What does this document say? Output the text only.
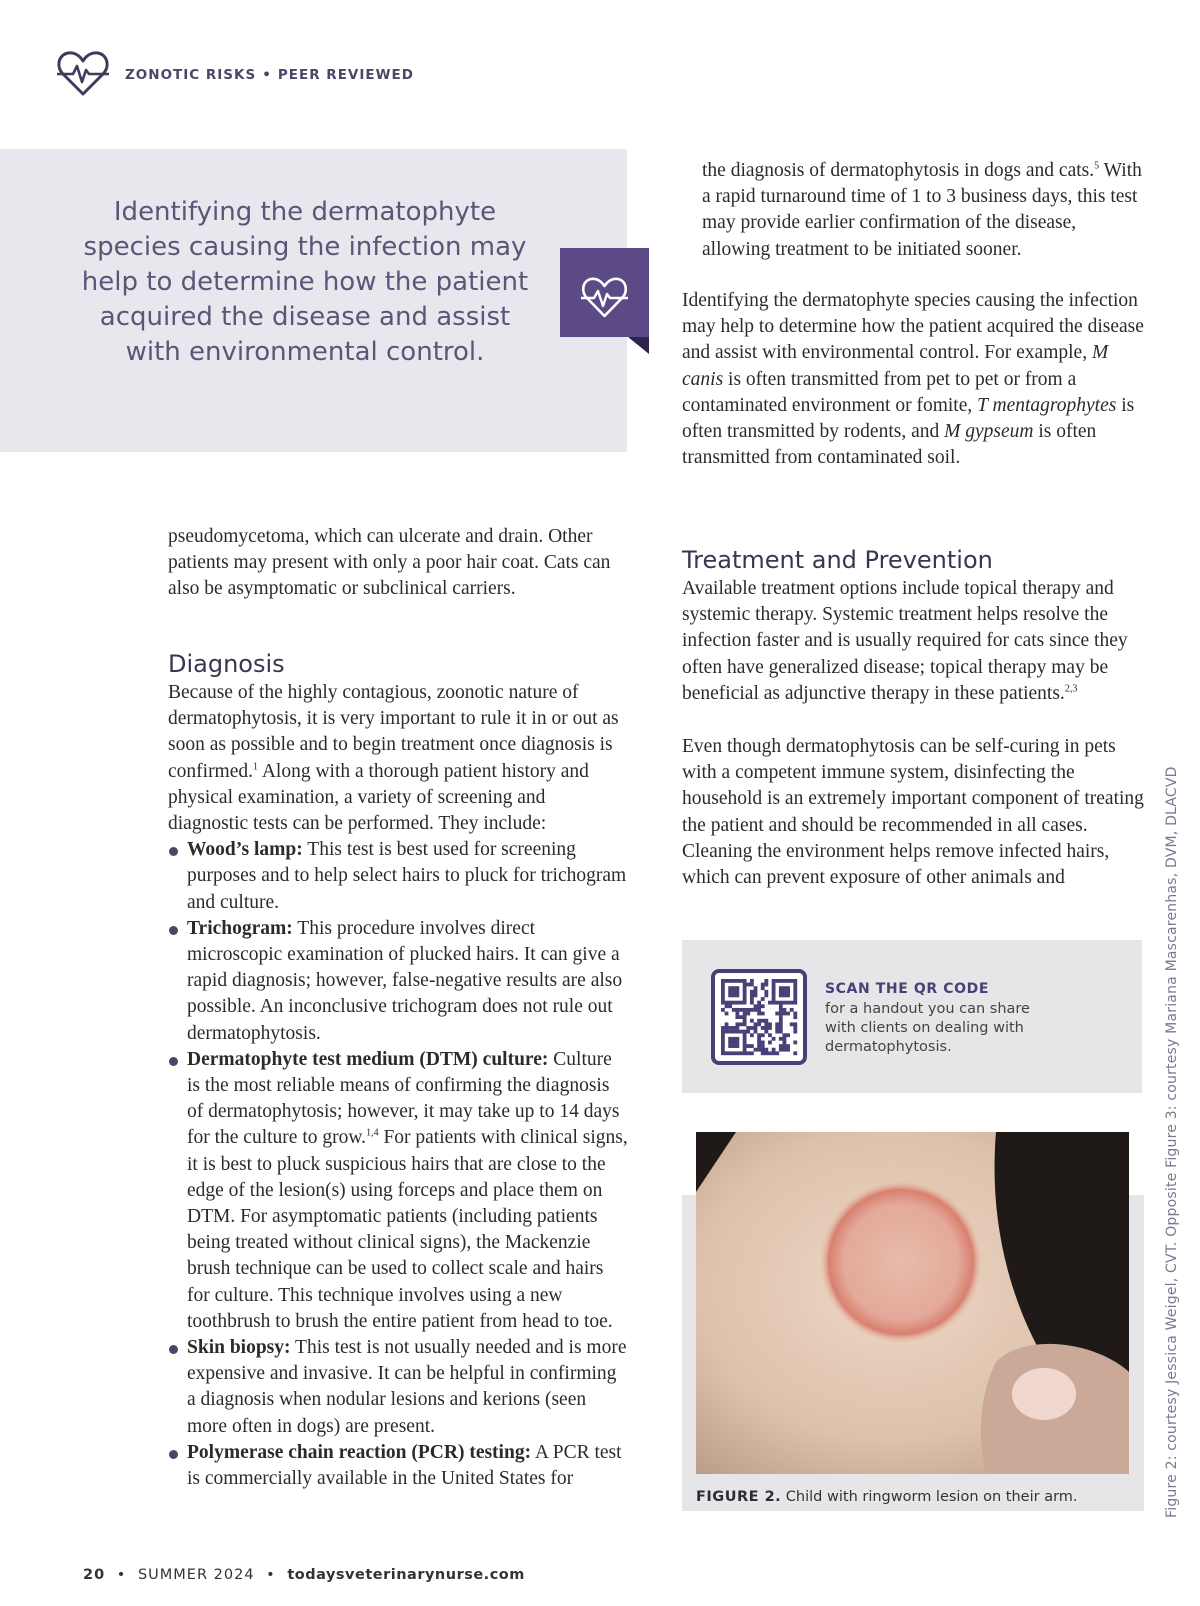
ZONOTIC RISKS • PEER REVIEWED
Identifying the dermatophyte species causing the infection may help to determine how the patient acquired the disease and assist with environmental control.

the diagnosis of dermatophytosis in dogs and cats.$^5$ With a rapid turnaround time of 1 to 3 business days, this test may provide earlier confirmation of the disease, allowing treatment to be initiated sooner.

Identifying the dermatophyte species causing the infection may help to determine how the patient acquired the disease and assist with environmental control. For example, M canis is often transmitted from pet to pet or from a contaminated environment or fomite, T mentagrophytes is often transmitted by rodents, and M gypseum is often transmitted from contaminated soil.

Treatment and Prevention

Available treatment options include topical therapy and systemic therapy. Systemic treatment helps resolve the infection faster and is usually required for cats since they often have generalized disease; topical therapy may be beneficial as adjunctive therapy in these patients.$^{2,3}$

Even though dermatophytosis can be self-curing in pets with a competent immune system, disinfecting the household is an extremely important component of treating the patient and should be recommended in all cases. Cleaning the environment helps remove infected hairs, which can prevent exposure of other animals and

pseudomycetoma, which can ulcerate and drain. Other patients may present with only a poor hair coat. Cats can also be asymptomatic or subclinical carriers.

Diagnosis

Because of the highly contagious, zoonotic nature of dermatophytosis, it is very important to rule it in or out as soon as possible and to begin treatment once diagnosis is confirmed.$^1$ Along with a thorough patient history and physical examination, a variety of screening and diagnostic tests can be performed. They include:

Wood’s lamp: This test is best used for screening purposes and to help select hairs to pluck for trichogram and culture.
Trichogram: This procedure involves direct microscopic examination of plucked hairs. It can give a rapid diagnosis; however, false-negative results are also possible. An inconclusive trichogram does not rule out dermatophytosis.
Dermatophyte test medium (DTM) culture: Culture is the most reliable means of confirming the diagnosis of dermatophytosis; however, it may take up to 14 days for the culture to grow.$^{1,4}$ For patients with clinical signs, it is best to pluck suspicious hairs that are close to the edge of the lesion(s) using forceps and place them on DTM. For asymptomatic patients (including patients being treated without clinical signs), the Mackenzie brush technique can be used to collect scale and hairs for culture. This technique involves using a new toothbrush to brush the entire patient from head to toe.
Skin biopsy: This test is not usually needed and is more expensive and invasive. It can be helpful in confirming a diagnosis when nodular lesions and kerions (seen more often in dogs) are present.
Polymerase chain reaction (PCR) testing: A PCR test is commercially available in the United States for
SCAN THE QR CODE
for a handout you can share with clients on dealing with dermatophytosis.
FIGURE 2. Child with ringworm lesion on their arm.	Figure 2: courtesy Jessica Weigel, CVT. Opposite Figure 3: courtesy Mariana Mascarenhas, DVM, DLACVD
20 • SUMMER 2024 • todaysveterinarynurse.com
